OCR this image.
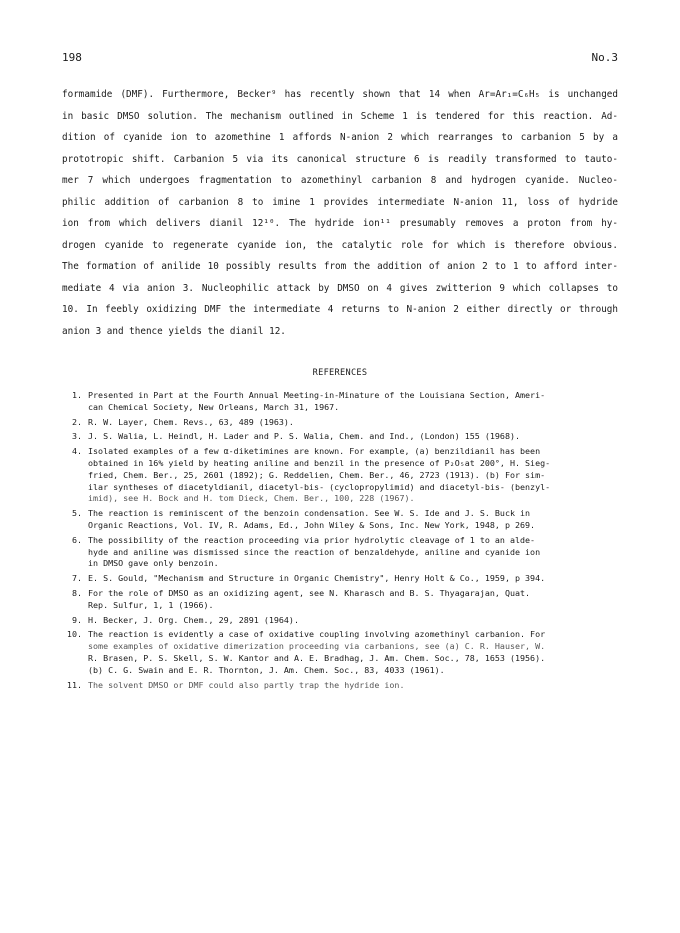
198	No.3
formamide (DMF). Furthermore, Becker⁹ has recently shown that 14 when Ar=Ar₁=C₆H₅ is unchanged
in basic DMSO solution. The mechanism outlined in Scheme 1 is tendered for this reaction. Ad-
dition of cyanide ion to azomethine 1 affords N-anion 2 which rearranges to carbanion 5 by a
prototropic shift. Carbanion 5 via its canonical structure 6 is readily transformed to tauto-
mer 7 which undergoes fragmentation to azomethinyl carbanion 8 and hydrogen cyanide. Nucleo-
philic addition of carbanion 8 to imine 1 provides intermediate N-anion 11, loss of hydride
ion from which delivers dianil 12¹⁰. The hydride ion¹¹ presumably removes a proton from hy-
drogen cyanide to regenerate cyanide ion, the catalytic role for which is therefore obvious.
The formation of anilide 10 possibly results from the addition of anion 2 to 1 to afford inter-
mediate 4 via anion 3. Nucleophilic attack by DMSO on 4 gives zwitterion 9 which collapses to
10. In feebly oxidizing DMF the intermediate 4 returns to N-anion 2 either directly or through
anion 3 and thence yields the dianil 12.
REFERENCES
1. Presented in Part at the Fourth Annual Meeting-in-Minature of the Louisiana Section, Ameri-
can Chemical Society, New Orleans, March 31, 1967.
2. R. W. Layer, Chem. Revs., 63, 489 (1963).
3. J. S. Walia, L. Heindl, H. Lader and P. S. Walia, Chem. and Ind., (London) 155 (1968).
4. Isolated examples of a few α-diketimines are known. For example, (a) benzildianil has been
obtained in 16% yield by heating aniline and benzil in the presence of P₂O₅at 200°, H. Sieg-
fried, Chem. Ber., 25, 2601 (1892); G. Reddelien, Chem. Ber., 46, 2723 (1913). (b) For sim-
ilar syntheses of diacetyldianil, diacetyl-bis- (cyclopropylimid) and diacetyl-bis- (benzyl-
imid), see H. Bock and H. tom Dieck, Chem. Ber., 100, 228 (1967).
5. The reaction is reminiscent of the benzoin condensation. See W. S. Ide and J. S. Buck in
Organic Reactions, Vol. IV, R. Adams, Ed., John Wiley & Sons, Inc. New York, 1948, p 269.
6. The possibility of the reaction proceeding via prior hydrolytic cleavage of 1 to an alde-
hyde and aniline was dismissed since the reaction of benzaldehyde, aniline and cyanide ion
in DMSO gave only benzoin.
7. E. S. Gould, "Mechanism and Structure in Organic Chemistry", Henry Holt & Co., 1959, p 394.
8. For the role of DMSO as an oxidizing agent, see N. Kharasch and B. S. Thyagarajan, Quat.
Rep. Sulfur, 1, 1 (1966).
9. H. Becker, J. Org. Chem., 29, 2891 (1964).
10. The reaction is evidently a case of oxidative coupling involving azomethinyl carbanion. For
some examples of oxidative dimerization proceeding via carbanions, see (a) C. R. Hauser, W.
R. Brasen, P. S. Skell, S. W. Kantor and A. E. Bradhag, J. Am. Chem. Soc., 78, 1653 (1956).
(b) C. G. Swain and E. R. Thornton, J. Am. Chem. Soc., 83, 4033 (1961).
11. The solvent DMSO or DMF could also partly trap the hydride ion.
